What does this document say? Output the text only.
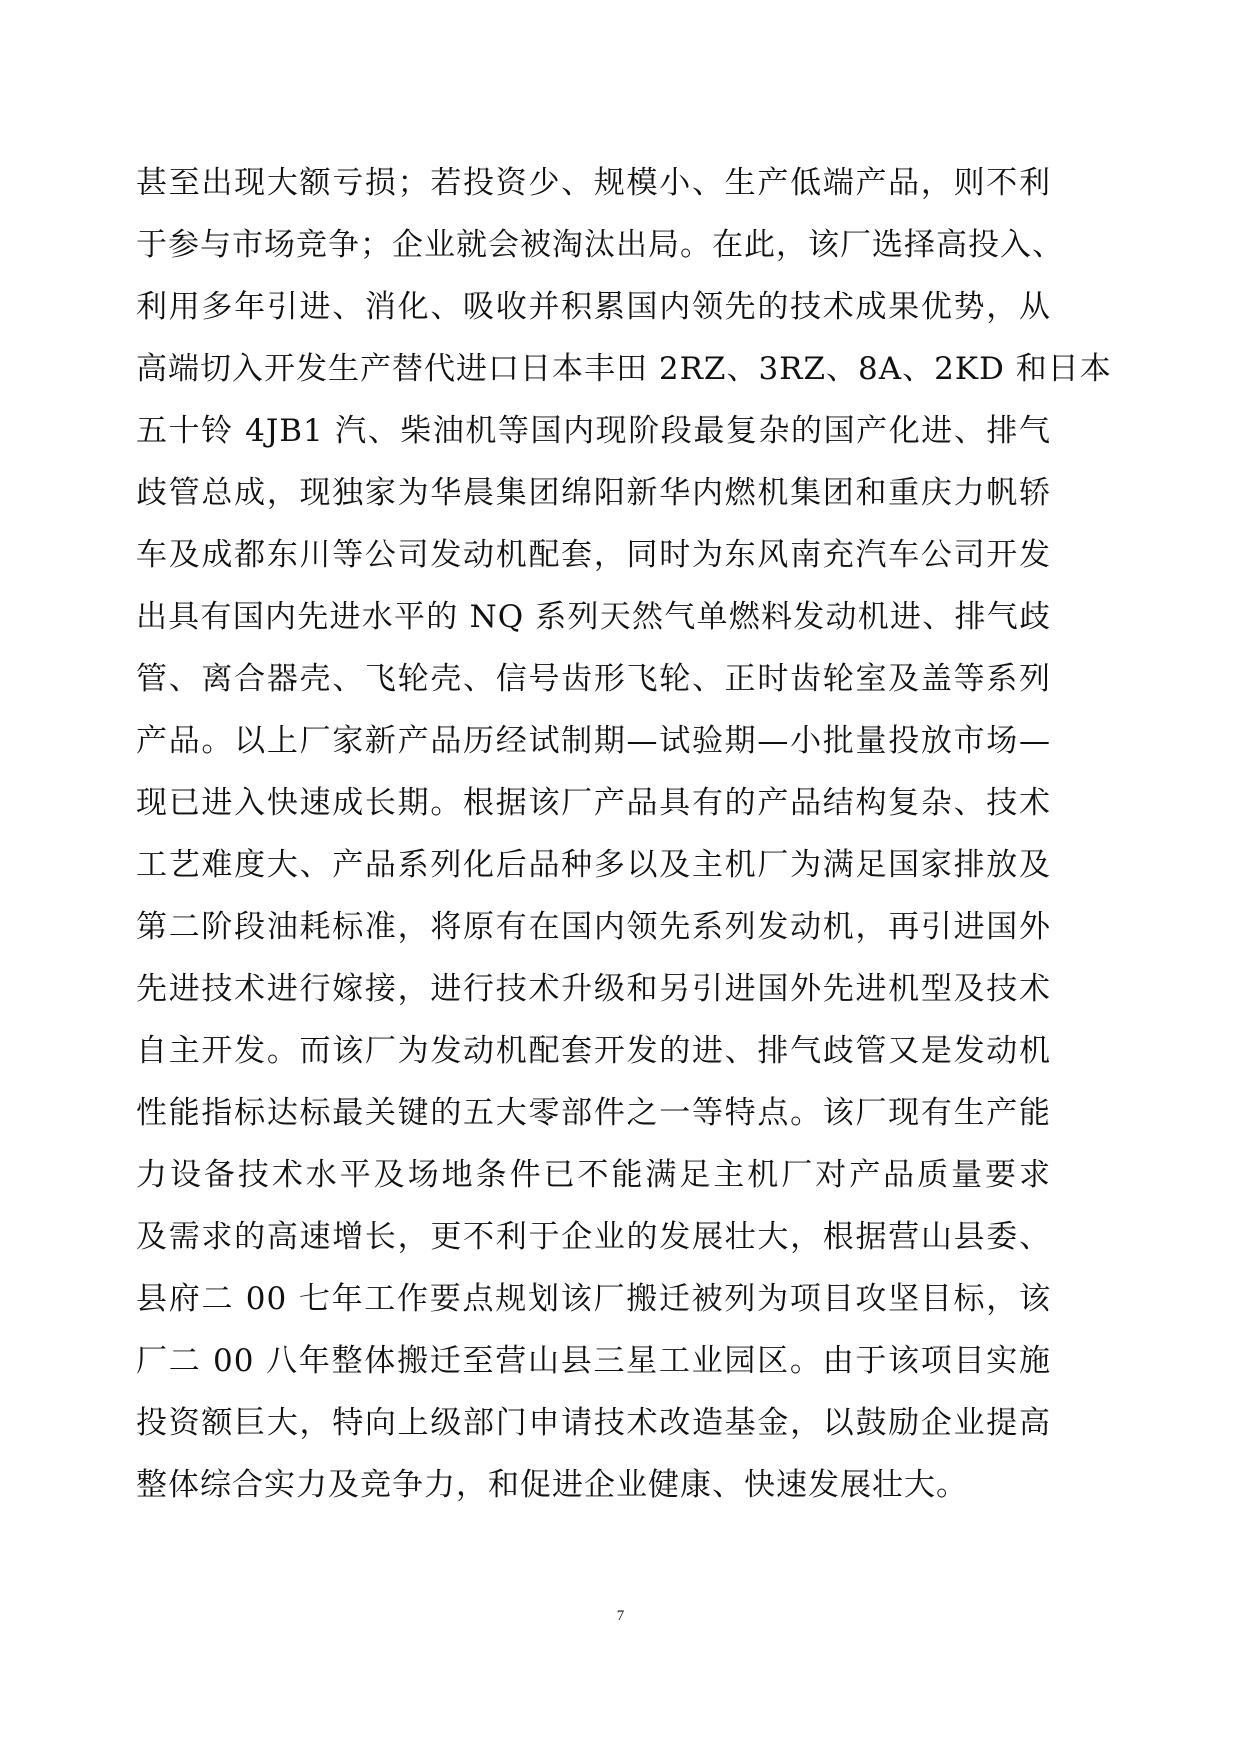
甚至出现大额亏损；若投资少、规模小、生产低端产品，则不利
于参与市场竞争；企业就会被淘汰出局。在此，该厂选择高投入、
利用多年引进、消化、吸收并积累国内领先的技术成果优势，从
高端切入开发生产替代进口日本丰田 2RZ、3RZ、8A、2KD 和日本
五十铃 4JB1 汽、柴油机等国内现阶段最复杂的国产化进、排气
歧管总成，现独家为华晨集团绵阳新华内燃机集团和重庆力帆轿
车及成都东川等公司发动机配套，同时为东风南充汽车公司开发
出具有国内先进水平的 NQ 系列天然气单燃料发动机进、排气歧
管、离合器壳、飞轮壳、信号齿形飞轮、正时齿轮室及盖等系列
产品。以上厂家新产品历经试制期—试验期—小批量投放市场—
现已进入快速成长期。根据该厂产品具有的产品结构复杂、技术
工艺难度大、产品系列化后品种多以及主机厂为满足国家排放及
第二阶段油耗标准，将原有在国内领先系列发动机，再引进国外
先进技术进行嫁接，进行技术升级和另引进国外先进机型及技术
自主开发。而该厂为发动机配套开发的进、排气歧管又是发动机
性能指标达标最关键的五大零部件之一等特点。该厂现有生产能
力设备技术水平及场地条件已不能满足主机厂对产品质量要求
及需求的高速增长，更不利于企业的发展壮大，根据营山县委、
县府二 00 七年工作要点规划该厂搬迁被列为项目攻坚目标，该
厂二 00 八年整体搬迁至营山县三星工业园区。由于该项目实施
投资额巨大，特向上级部门申请技术改造基金，以鼓励企业提高
整体综合实力及竞争力，和促进企业健康、快速发展壮大。
7
